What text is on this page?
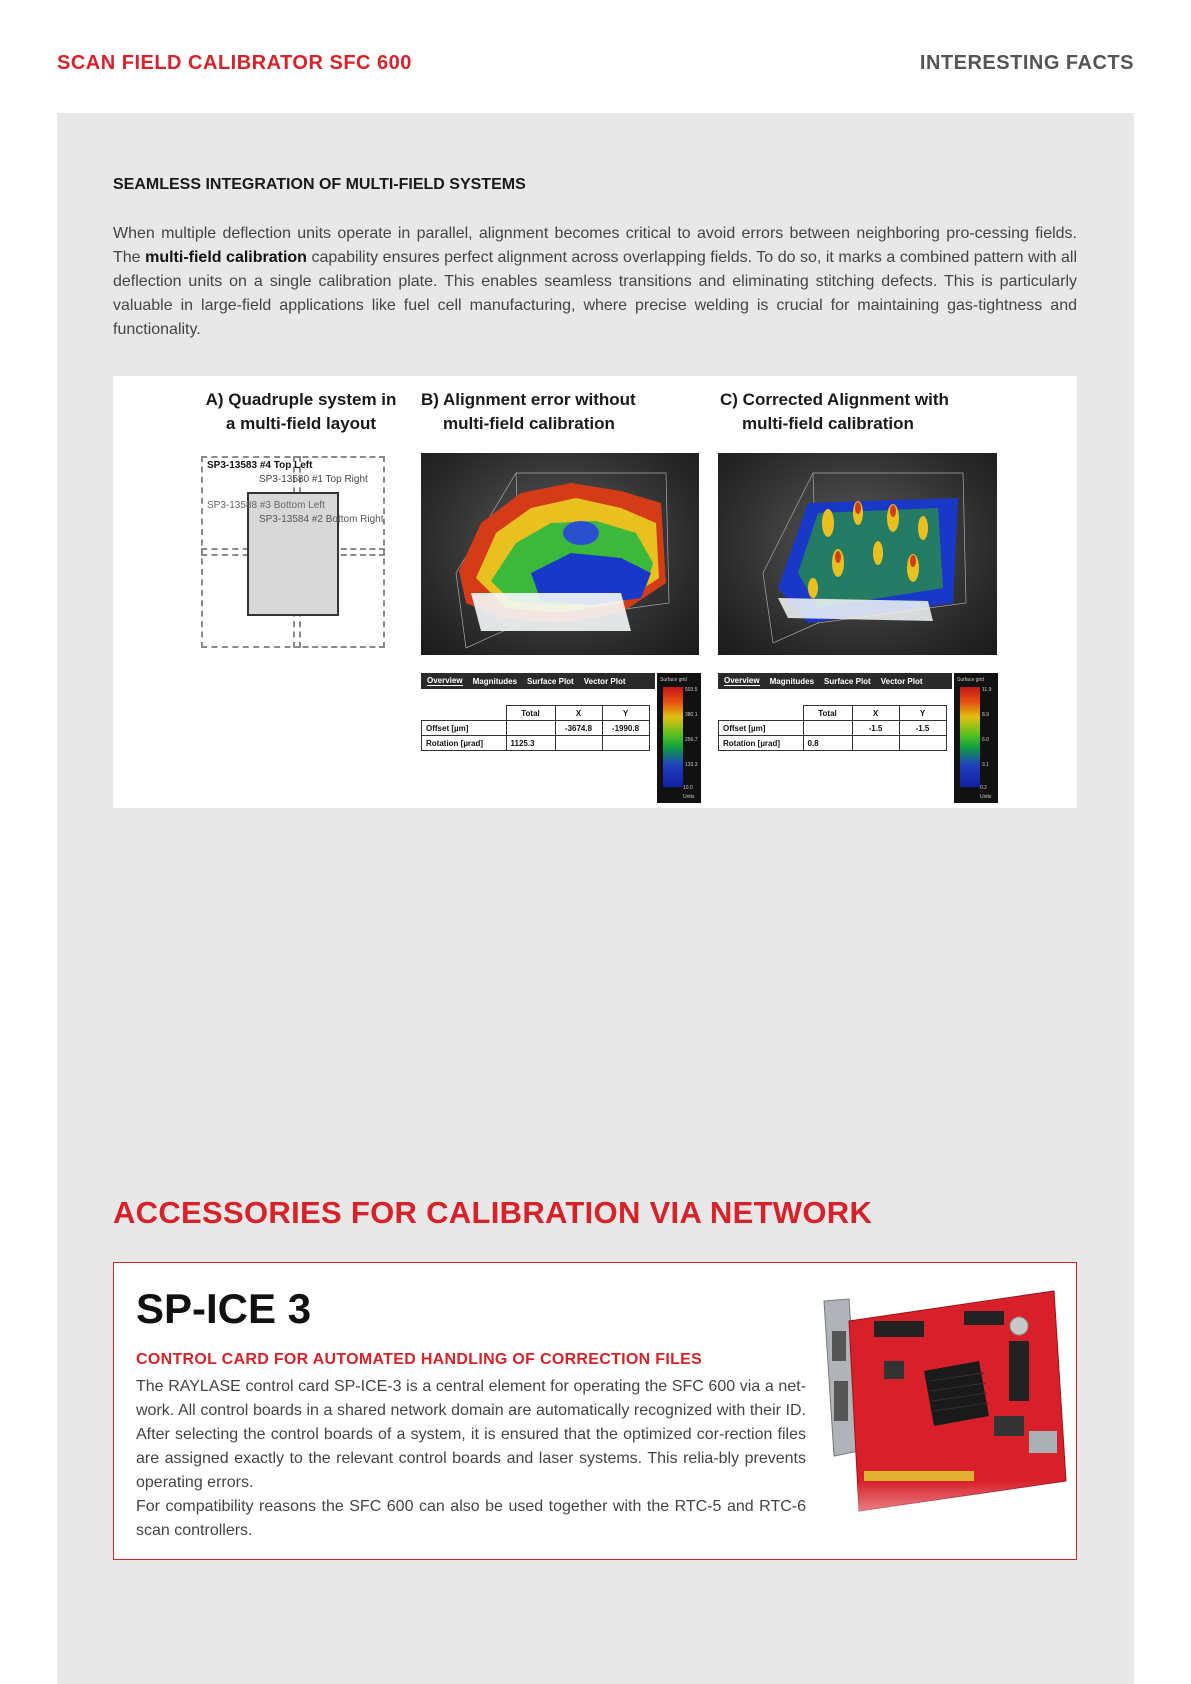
SCAN FIELD CALIBRATOR SFC 600	INTERESTING FACTS
SEAMLESS INTEGRATION OF MULTI-FIELD SYSTEMS
When multiple deflection units operate in parallel, alignment becomes critical to avoid errors between neighboring pro-cessing fields. The multi-field calibration capability ensures perfect alignment across overlapping fields. To do so, it marks a combined pattern with all deflection units on a single calibration plate. This enables seamless transitions and eliminating stitching defects. This is particularly valuable in large-field applications like fuel cell manufacturing, where precise welding is crucial for maintaining gas-tightness and functionality.
A) Quadruple system in
a multi-field layout
B) Alignment error without
multi-field calibration
C) Corrected Alignment with
multi-field calibration
SP3-13583 #4 Top Left
SP3-13580 #1 Top Right
SP3-13588 #3 Bottom Left
SP3-13584 #2 Bottom Right
Overview Magnitudes Surface Plot Vector Plot
	Total	X	Y
Offset [µm]		-3674.8	-1990.8
Rotation [µrad]	1125.3		
Surface grid
503.5
380.1
256.7
133.3
10.0
Units
Overview Magnitudes Surface Plot Vector Plot
	Total	X	Y
Offset [µm]		-1.5	-1.5
Rotation [µrad]	0.8		
Surface grid
11.9
8.9
6.0
3.1
0.2
Units
ACCESSORIES FOR CALIBRATION VIA NETWORK
SP-ICE 3
CONTROL CARD FOR AUTOMATED HANDLING OF CORRECTION FILES

The RAYLASE control card SP-ICE-3 is a central element for operating the SFC 600 via a net-work. All control boards in a shared network domain are automatically recognized with their ID. After selecting the control boards of a system, it is ensured that the optimized cor-rection files are assigned exactly to the relevant control boards and laser systems. This relia-bly prevents operating errors.

For compatibility reasons the SFC 600 can also be used together with the RTC-5 and RTC-6 scan controllers.
